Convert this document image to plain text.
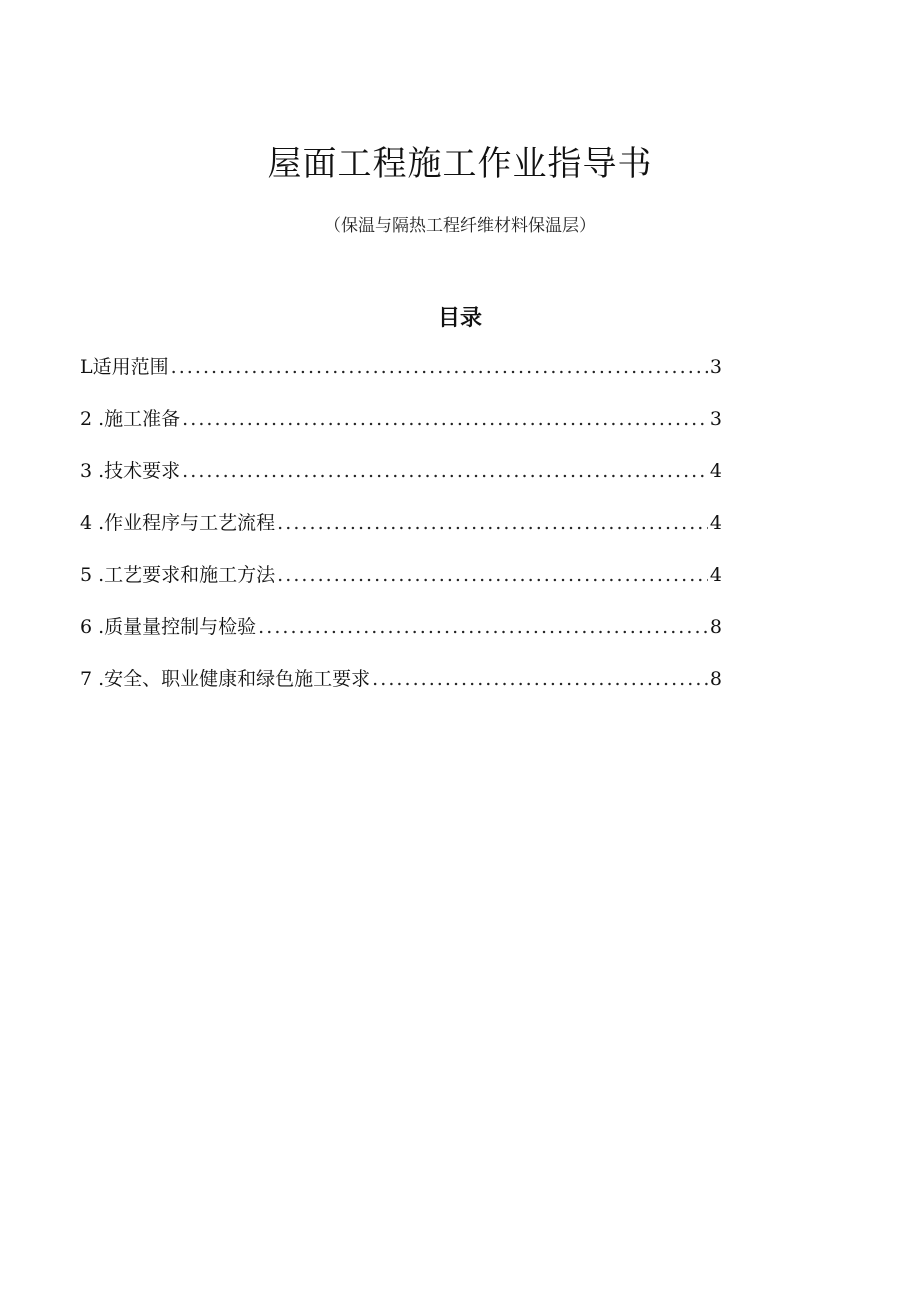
屋面工程施工作业指导书
（保温与隔热工程纤维材料保温层）
目录
L适用范围 . . .	3
2 .施工准备 . . .	3
3 .技术要求 . . .	4
4 .作业程序与工艺流程 . . .	4
5 .工艺要求和施工方法 . . .	4
6 .质量量控制与检验 . . .	8
7 .安全、职业健康和绿色施工要求 . . .	8
